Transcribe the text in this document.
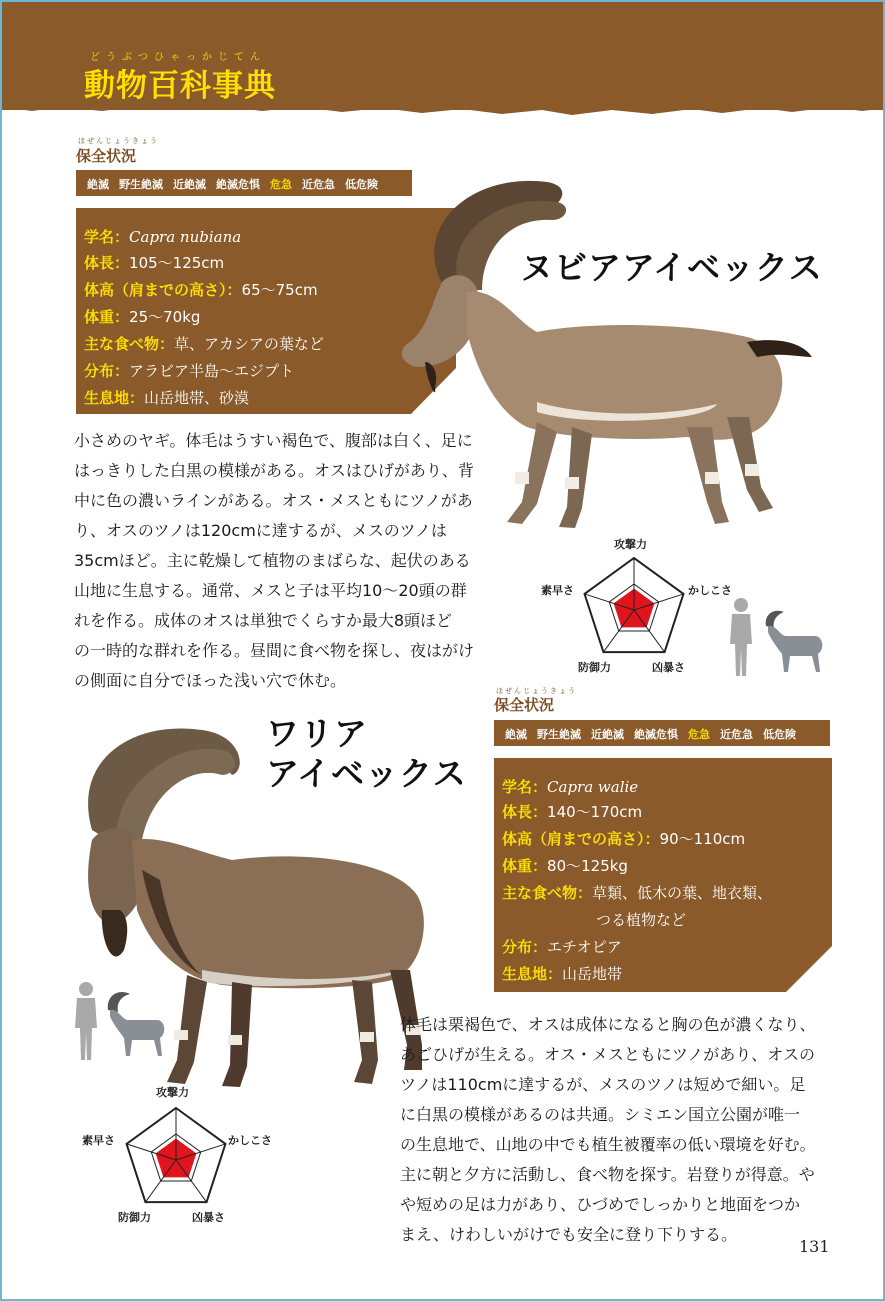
どうぶつひゃっかじてん
動物百科事典
ほぜんじょうきょう
保全状況
絶滅 野生絶滅 近絶滅 絶滅危惧 危急 近危急 低危険
学名：Capra nubiana
体長：105〜125cm
体高（肩までの高さ）：65〜75cm
体重：25〜70kg
主な食べ物：草、アカシアの葉など
分布：アラビア半島〜エジプト
生息地：山岳地帯、砂漠
ヌビアアイベックス
小さめのヤギ。体毛はうすい褐色で、腹部は白く、足に
はっきりした白黒の模様がある。オスはひげがあり、背
中に色の濃いラインがある。オス・メスともにツノがあ
り、オスのツノは120cmに達するが、メスのツノは
35cmほど。主に乾燥して植物のまばらな、起伏のある
山地に生息する。通常、メスと子は平均10〜20頭の群
れを作る。成体のオスは単独でくらすか最大8頭ほど
の一時的な群れを作る。昼間に食べ物を探し、夜はがけ
の側面に自分でほった浅い穴で休む。
攻撃力
かしこさ
凶暴さ
防御力
素早さ
ほぜんじょうきょう
保全状況
絶滅 野生絶滅 近絶滅 絶滅危惧 危急 近危急 低危険
学名：Capra walie
体長：140〜170cm
体高（肩までの高さ）：90〜110cm
体重：80〜125kg
主な食べ物：草類、低木の葉、地衣類、
つる植物など
分布：エチオピア
生息地：山岳地帯
ワリア
アイベックス
攻撃力
かしこさ
凶暴さ
防御力
素早さ
体毛は栗褐色で、オスは成体になると胸の色が濃くなり、
あごひげが生える。オス・メスともにツノがあり、オスの
ツノは110cmに達するが、メスのツノは短めで細い。足
に白黒の模様があるのは共通。シミエン国立公園が唯一
の生息地で、山地の中でも植生被覆率の低い環境を好む。
主に朝と夕方に活動し、食べ物を探す。岩登りが得意。や
や短めの足は力があり、ひづめでしっかりと地面をつか
まえ、けわしいがけでも安全に登り下りする。
131
